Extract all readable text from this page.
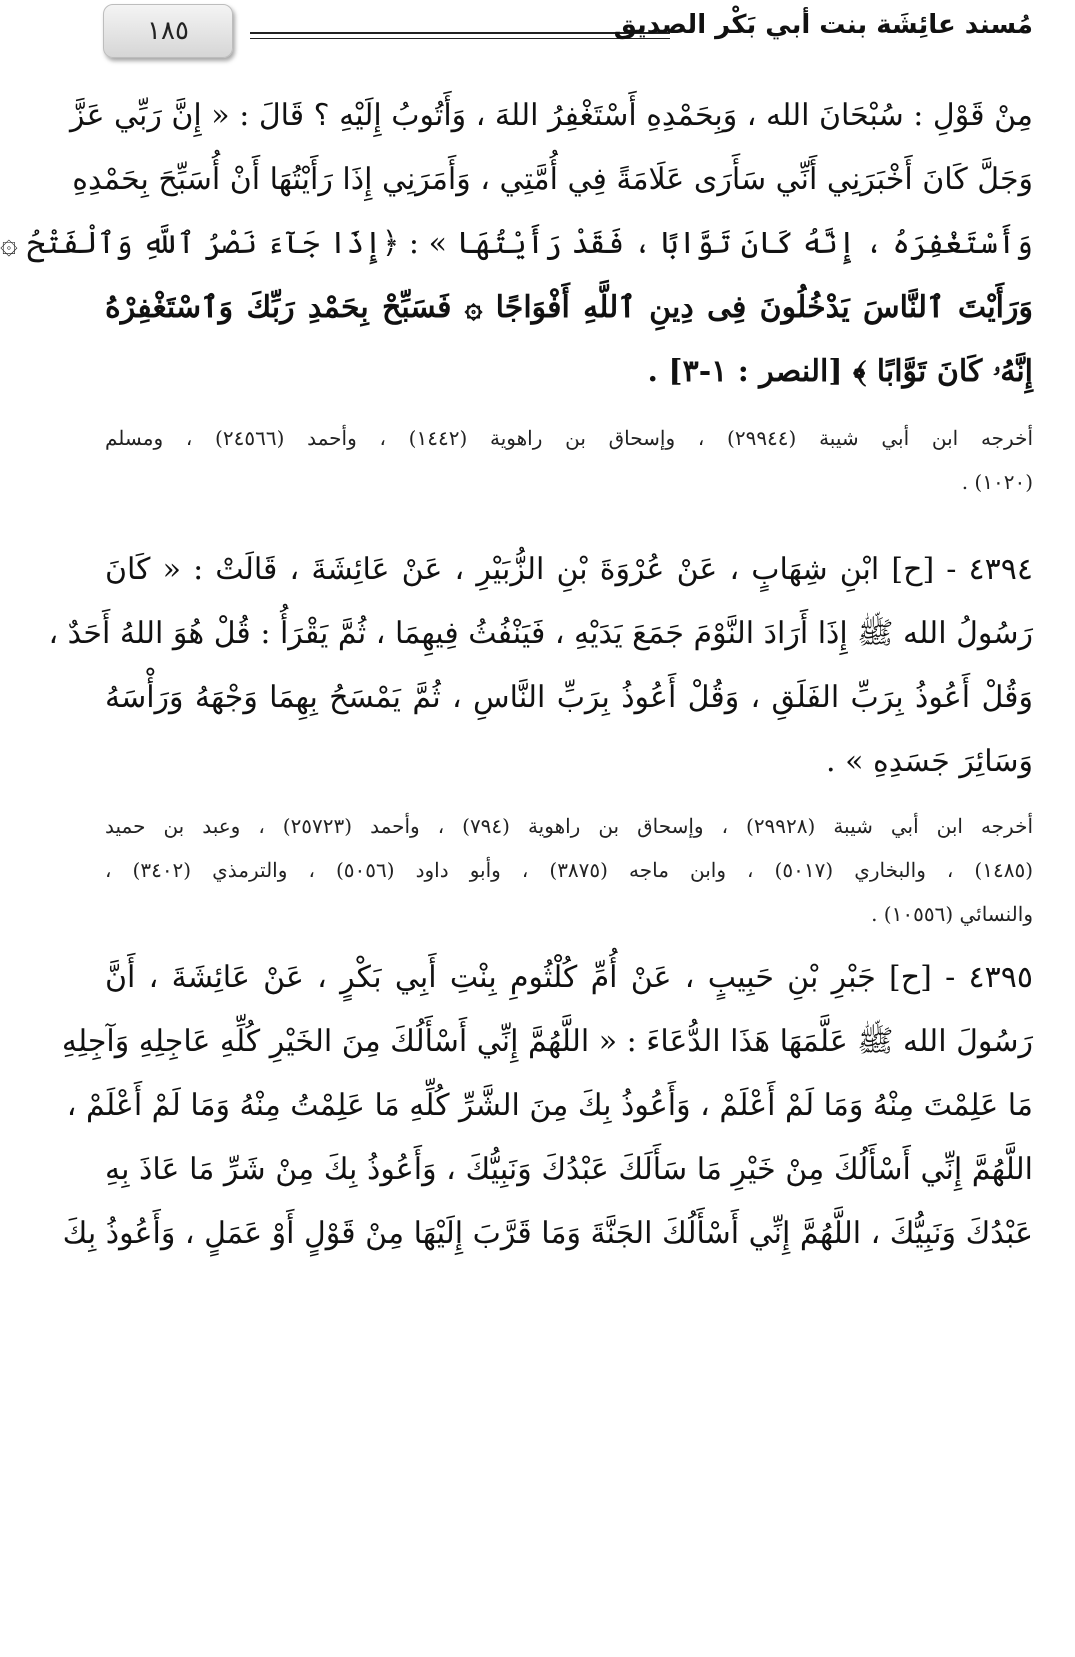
١٨٥	مُسند عائِشَة بنت أبي بَكْر الصديق
مِنْ قَوْلِ : سُبْحَانَ الله ، وَبِحَمْدِهِ أَسْتَغْفِرُ اللهَ ، وَأَتُوبُ إِلَيْهِ ؟ قَالَ : « إِنَّ رَبِّي عَزَّ
وَجَلَّ كَانَ أَخْبَرَنِي أَنِّي سَأَرَى عَلَامَةً فِي أُمَّتِي ، وَأَمَرَنِي إِذَا رَأَيْتُهَا أَنْ أُسَبِّحَ بِحَمْدِهِ
وَأَسْتَغْفِرَهُ ، إِنَّهُ كَانَ تَوَّابًا ، فَقَدْ رَأَيْتُهَا » : ﴿إِذَا جَآءَ نَصْرُ ٱللَّهِ وَٱلْفَتْحُ ۞
وَرَأَيْتَ ٱلنَّاسَ يَدْخُلُونَ فِى دِينِ ٱللَّهِ أَفْوَاجًا ۞ فَسَبِّحْ بِحَمْدِ رَبِّكَ وَٱسْتَغْفِرْهُ
إِنَّهُۥ كَانَ تَوَّابًا ﴾ [النصر : ١-٣] .
أخرجه ابن أبي شيبة (٢٩٩٤٤) ، وإسحاق بن راهوية (١٤٤٢) ، وأحمد (٢٤٥٦٦) ، ومسلم
(١٠٢٠) .
٤٣٩٤ - [ح] ابْنِ شِهَابٍ ، عَنْ عُرْوَةَ بْنِ الزُّبَيْرِ ، عَنْ عَائِشَةَ ، قَالَتْ : « كَانَ
رَسُولُ الله ﷺ إِذَا أَرَادَ النَّوْمَ جَمَعَ يَدَيْهِ ، فَيَنْفُثُ فِيهِمَا ، ثُمَّ يَقْرَأُ : قُلْ هُوَ اللهُ أَحَدٌ ،
وَقُلْ أَعُوذُ بِرَبِّ الفَلَقِ ، وَقُلْ أَعُوذُ بِرَبِّ النَّاسِ ، ثُمَّ يَمْسَحُ بِهِمَا وَجْهَهُ وَرَأْسَهُ
وَسَائِرَ جَسَدِهِ » .
أخرجه ابن أبي شيبة (٢٩٩٢٨) ، وإسحاق بن راهوية (٧٩٤) ، وأحمد (٢٥٧٢٣) ، وعبد بن حميد
(١٤٨٥) ، والبخاري (٥٠١٧) ، وابن ماجه (٣٨٧٥) ، وأبو داود (٥٠٥٦) ، والترمذي (٣٤٠٢) ،
والنسائي (١٠٥٥٦) .
٤٣٩٥ - [ح] جَبْرِ بْنِ حَبِيبٍ ، عَنْ أُمِّ كُلْثُومِ بِنْتِ أَبِي بَكْرٍ ، عَنْ عَائِشَةَ ، أَنَّ
رَسُولَ الله ﷺ عَلَّمَهَا هَذَا الدُّعَاءَ : « اللَّهُمَّ إِنِّي أَسْأَلُكَ مِنَ الخَيْرِ كُلِّهِ عَاجِلِهِ وَآجِلِهِ
مَا عَلِمْتَ مِنْهُ وَمَا لَمْ أَعْلَمْ ، وَأَعُوذُ بِكَ مِنَ الشَّرِّ كُلِّهِ مَا عَلِمْتُ مِنْهُ وَمَا لَمْ أَعْلَمْ ،
اللَّهُمَّ إِنِّي أَسْأَلُكَ مِنْ خَيْرِ مَا سَأَلَكَ عَبْدُكَ وَنَبِيُّكَ ، وَأَعُوذُ بِكَ مِنْ شَرِّ مَا عَاذَ بِهِ
عَبْدُكَ وَنَبِيُّكَ ، اللَّهُمَّ إِنِّي أَسْأَلُكَ الجَنَّةَ وَمَا قَرَّبَ إِلَيْهَا مِنْ قَوْلٍ أَوْ عَمَلٍ ، وَأَعُوذُ بِكَ
